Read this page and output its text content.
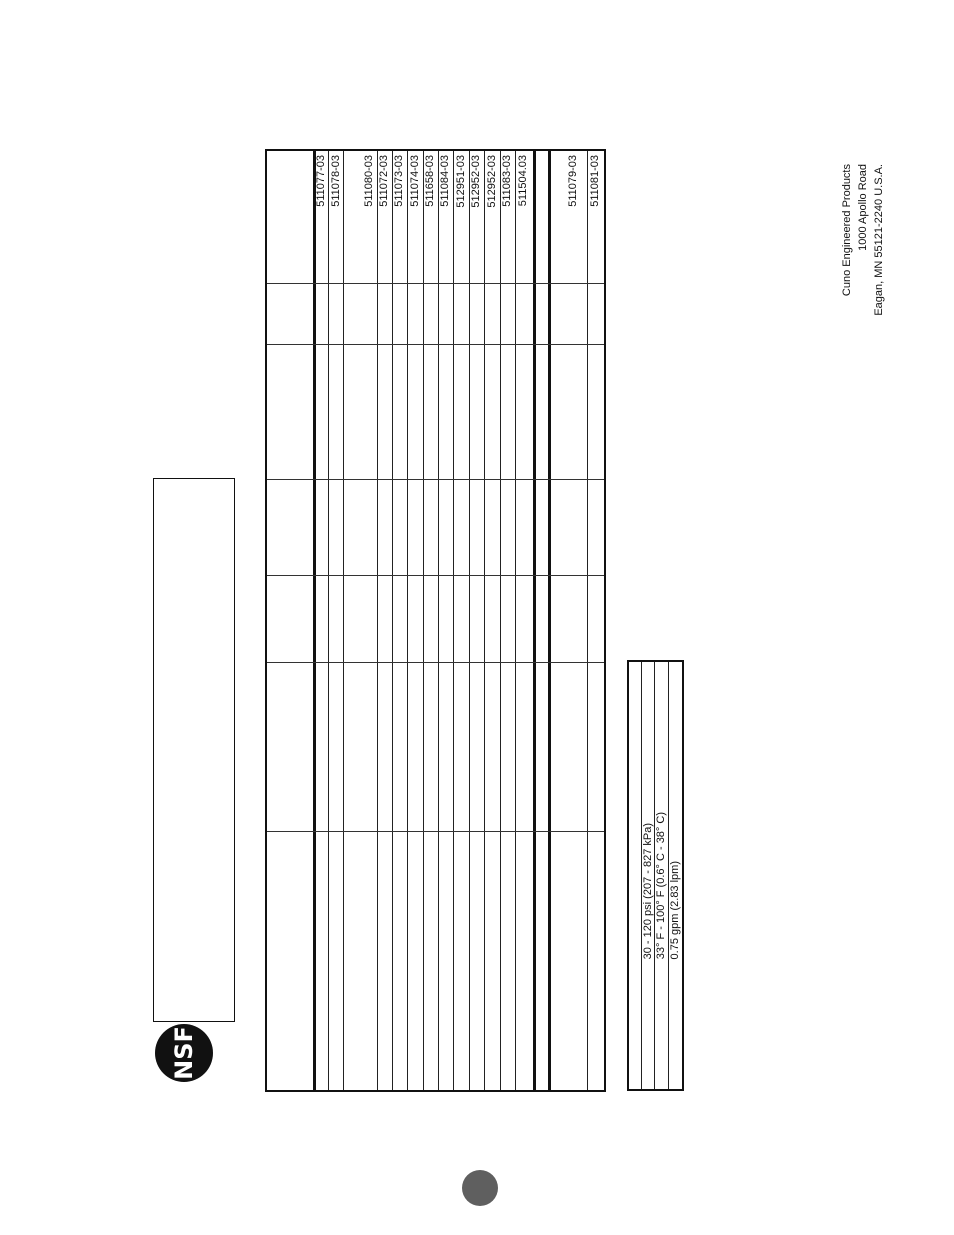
NSF
511077-03 511078-03 511080-03 511072-03 511073-03 511074-03 511658-03 511084-03 512951-03 512952-03 512952-03 511083-03 511504.03	511079-03 511081-03
30 - 120 psi (207 - 827 kPa) 33° F - 100° F (0.6° C - 38° C) 0.75 gpm (2.83 lpm)
Cuno Engineered Products 1000 Apollo Road Eagan, MN 55121-2240 U.S.A.
